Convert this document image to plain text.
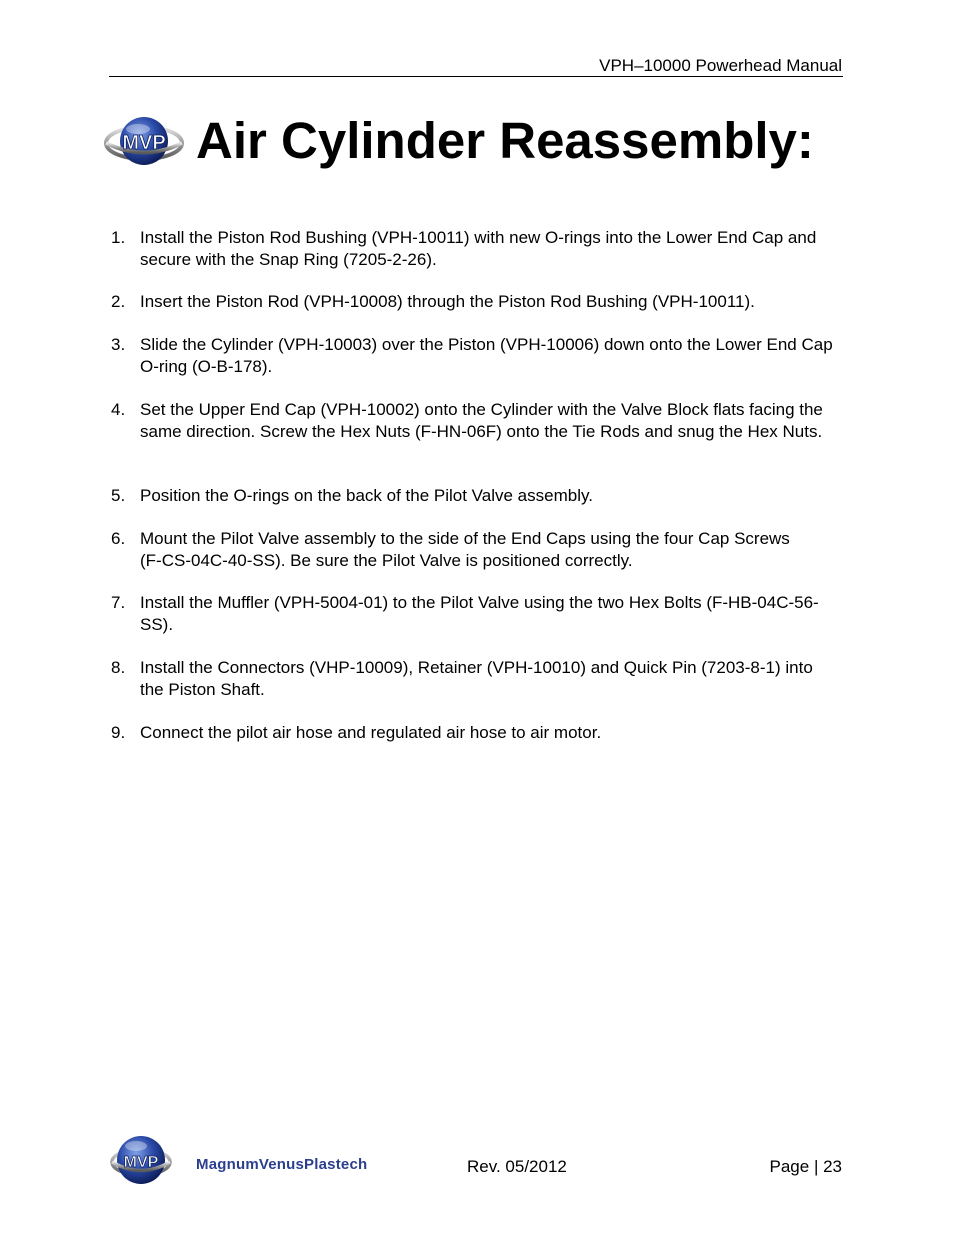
VPH–10000 Powerhead Manual
MVP Air Cylinder Reassembly:
1. Install the Piston Rod Bushing (VPH-10011) with new O-rings into the Lower End Cap and secure with the Snap Ring (7205-2-26).

2. Insert the Piston Rod (VPH-10008) through the Piston Rod Bushing (VPH-10011).

3. Slide the Cylinder (VPH-10003) over the Piston (VPH-10006) down onto the Lower End Cap O-ring (O-B-178).

4. Set the Upper End Cap (VPH-10002) onto the Cylinder with the Valve Block flats facing the same direction. Screw the Hex Nuts (F-HN-06F) onto the Tie Rods and snug the Hex Nuts.

5. Position the O-rings on the back of the Pilot Valve assembly.

6. Mount the Pilot Valve assembly to the side of the End Caps using the four Cap Screws (F-CS-04C-40-SS). Be sure the Pilot Valve is positioned correctly.

7. Install the Muffler (VPH-5004-01) to the Pilot Valve using the two Hex Bolts (F-HB-04C-56-SS).

8. Install the Connectors (VHP-10009), Retainer (VPH-10010) and Quick Pin (7203-8-1) into the Piston Shaft.

9. Connect the pilot air hose and regulated air hose to air motor.

MVP	MagnumVenusPlastech	Rev. 05/2012	Page | 23
